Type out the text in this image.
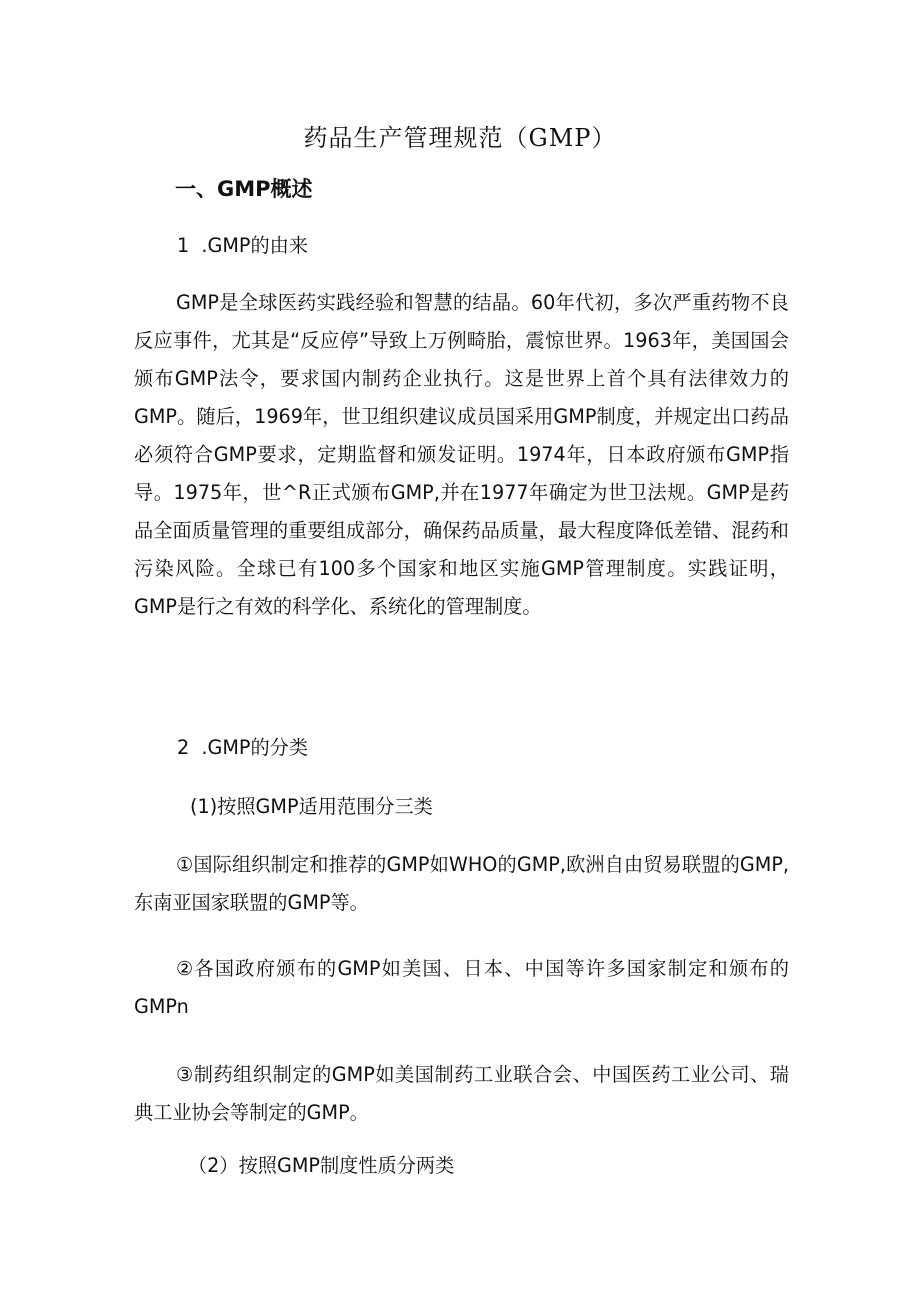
药品生产管理规范（GMP）
一、GMP概述

1  .GMP的由来

GMP是全球医药实践经验和智慧的结晶。60年代初，多次严重药物不良反应事件，尤其是“反应停”导致上万例畸胎，震惊世界。1963年，美国国会颁布GMP法令，要求国内制药企业执行。这是世界上首个具有法律效力的GMP。随后，1969年，世卫组织建议成员国采用GMP制度，并规定出口药品必须符合GMP要求，定期监督和颁发证明。1974年，日本政府颁布GMP指导。1975年，世^R正式颁布GMP,并在1977年确定为世卫法规。GMP是药品全面质量管理的重要组成部分，确保药品质量，最大程度降低差错、混药和污染风险。全球已有100多个国家和地区实施GMP管理制度。实践证明，GMP是行之有效的科学化、系统化的管理制度。

2  .GMP的分类

(1)按照GMP适用范围分三类

①国际组织制定和推荐的GMP如WHO的GMP,欧洲自由贸易联盟的GMP,东南亚国家联盟的GMP等。

②各国政府颁布的GMP如美国、日本、中国等许多国家制定和颁布的GMPn

③制药组织制定的GMP如美国制药工业联合会、中国医药工业公司、瑞典工业协会等制定的GMP。

（2）按照GMP制度性质分两类
